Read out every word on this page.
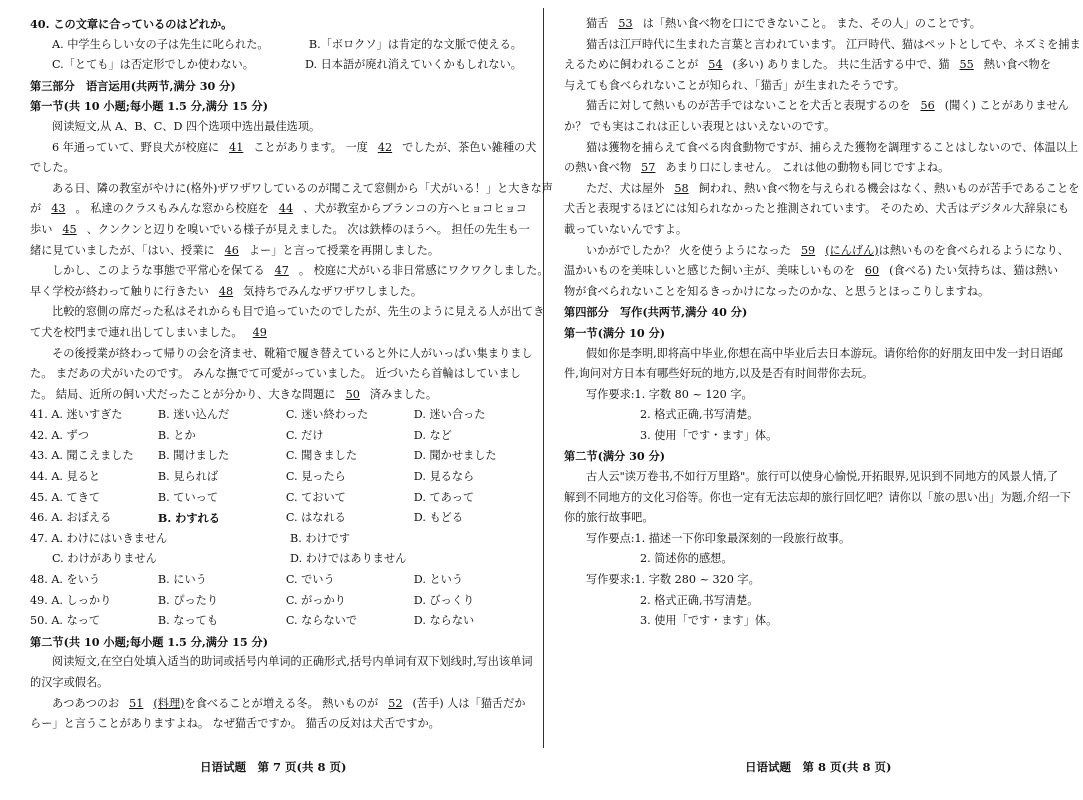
40. この文章に合っているのはどれか。
A. 中学生らしい女の子は先生に叱られた。	B.「ボロクソ」は肯定的な文脈で使える。
C.「とても」は否定形でしか使わない。	D. 日本語が廃れ消えていくかもしれない。
第三部分　语言运用(共两节,满分 30 分)
第一节(共 10 小题;每小题 1.5 分,满分 15 分)
阅读短文,从 A、B、C、D 四个选项中选出最佳选项。
6 年通っていて、野良犬が校庭に 41 ことがあります。 一度 42 でしたが、茶色い雑種の犬
でした。
ある日、隣の教室がやけに(格外)ザワザワしているのが聞こえて窓側から「犬がいる！」と大きな声
が 43 。 私達のクラスもみんな窓から校庭を 44 、犬が教室からブランコの方へヒョコヒョコ
歩い 45 、クンクンと辺りを嗅いでいる様子が見えました。 次は鉄棒のほうへ。 担任の先生も一
緒に見ていましたが、「はい、授業に 46 よー」と言って授業を再開しました。
しかし、このような事態で平常心を保てる 47 。 校庭に犬がいる非日常感にワクワクしました。
早く学校が終わって触りに行きたい 48 気持ちでみんなザワザワしました。
比較的窓側の席だった私はそれからも目で追っていたのでしたが、先生のように見える人が出てき
て犬を校門まで連れ出してしまいました。 49
その後授業が終わって帰りの会を済ませ、靴箱で履き替えていると外に人がいっぱい集まりまし
た。 まだあの犬がいたのです。 みんな撫でて可愛がっていました。 近づいたら首輪はしていまし
た。 結局、近所の飼い犬だったことが分かり、大きな問題に 50 済みました。
41. A. 迷いすぎた	B. 迷い込んだ	C. 迷い終わった	D. 迷い合った
42. A. ずつ	B. とか	C. だけ	D. など
43. A. 聞こえました	B. 聞けました	C. 聞きました	D. 聞かせました
44. A. 見ると	B. 見られば	C. 見ったら	D. 見るなら
45. A. てきて	B. ていって	C. ておいて	D. てあって
46. A. おぼえる	B. わすれる	C. はなれる	D. もどる
47. A. わけにはいきません	B. わけです
C. わけがありません	D. わけではありません
48. A. をいう	B. にいう	C. でいう	D. という
49. A. しっかり	B. ぴったり	C. がっかり	D. びっくり
50. A. なって	B. なっても	C. ならないで	D. ならない
第二节(共 10 小题;每小题 1.5 分,满分 15 分)
阅读短文,在空白处填入适当的助词或括号内单词的正确形式,括号内单词有双下划线时,写出该单词
的汉字或假名。
あつあつのお 51 (料理)を食べることが増える冬。 熱いものが 52 (苦手) 人は「猫舌だか
らー」と言うことがありますよね。 なぜ猫舌ですか。 猫舌の反対は犬舌ですか。
日语试题　第 7 页(共 8 页)
猫舌 53 は「熱い食べ物を口にできないこと。 また、その人」のことです。
猫舌は江戸時代に生まれた言葉と言われています。 江戸時代、猫はペットとしてや、ネズミを捕ま
えるために飼われることが 54 (多い) ありました。 共に生活する中で、猫 55 熱い食べ物を
与えても食べられないことが知られ、「猫舌」が生まれたそうです。
猫舌に対して熱いものが苦手ではないことを犬舌と表現するのを 56 (聞く) ことがありません
か？ でも実はこれは正しい表現とはいえないのです。
猫は獲物を捕らえて食べる肉食動物ですが、捕らえた獲物を調理することはしないので、体温以上
の熱い食べ物 57 あまり口にしません。 これは他の動物も同じですよね。
ただ、犬は屋外 58 飼われ、熱い食べ物を与えられる機会はなく、熱いものが苦手であることを
犬舌と表現するほどには知られなかったと推測されています。 そのため、犬舌はデジタル大辞泉にも
載っていないんですよ。
いかがでしたか？ 火を使うようになった 59 (にんげん)は熱いものを食べられるようになり、
温かいものを美味しいと感じた飼い主が、美味しいものを 60 (食べる) たい気持ちは、猫は熱い
物が食べられないことを知るきっかけになったのかな、と思うとほっこりしますね。
第四部分　写作(共两节,满分 40 分)
第一节(满分 10 分)
假如你是李明,即将高中毕业,你想在高中毕业后去日本游玩。请你给你的好朋友田中发一封日语邮
件,询问对方日本有哪些好玩的地方,以及是否有时间带你去玩。
写作要求:1. 字数 80 ~ 120 字。
2. 格式正确,书写清楚。
3. 使用「です・ます」体。
第二节(满分 30 分)
古人云"读万卷书,不如行万里路"。旅行可以使身心愉悦,开拓眼界,见识到不同地方的风景人情,了
解到不同地方的文化习俗等。你也一定有无法忘却的旅行回忆吧？请你以「旅の思い出」为题,介绍一下
你的旅行故事吧。
写作要点:1. 描述一下你印象最深刻的一段旅行故事。
2. 简述你的感想。
写作要求:1. 字数 280 ~ 320 字。
2. 格式正确,书写清楚。
3. 使用「です・ます」体。
日语试题　第 8 页(共 8 页)
